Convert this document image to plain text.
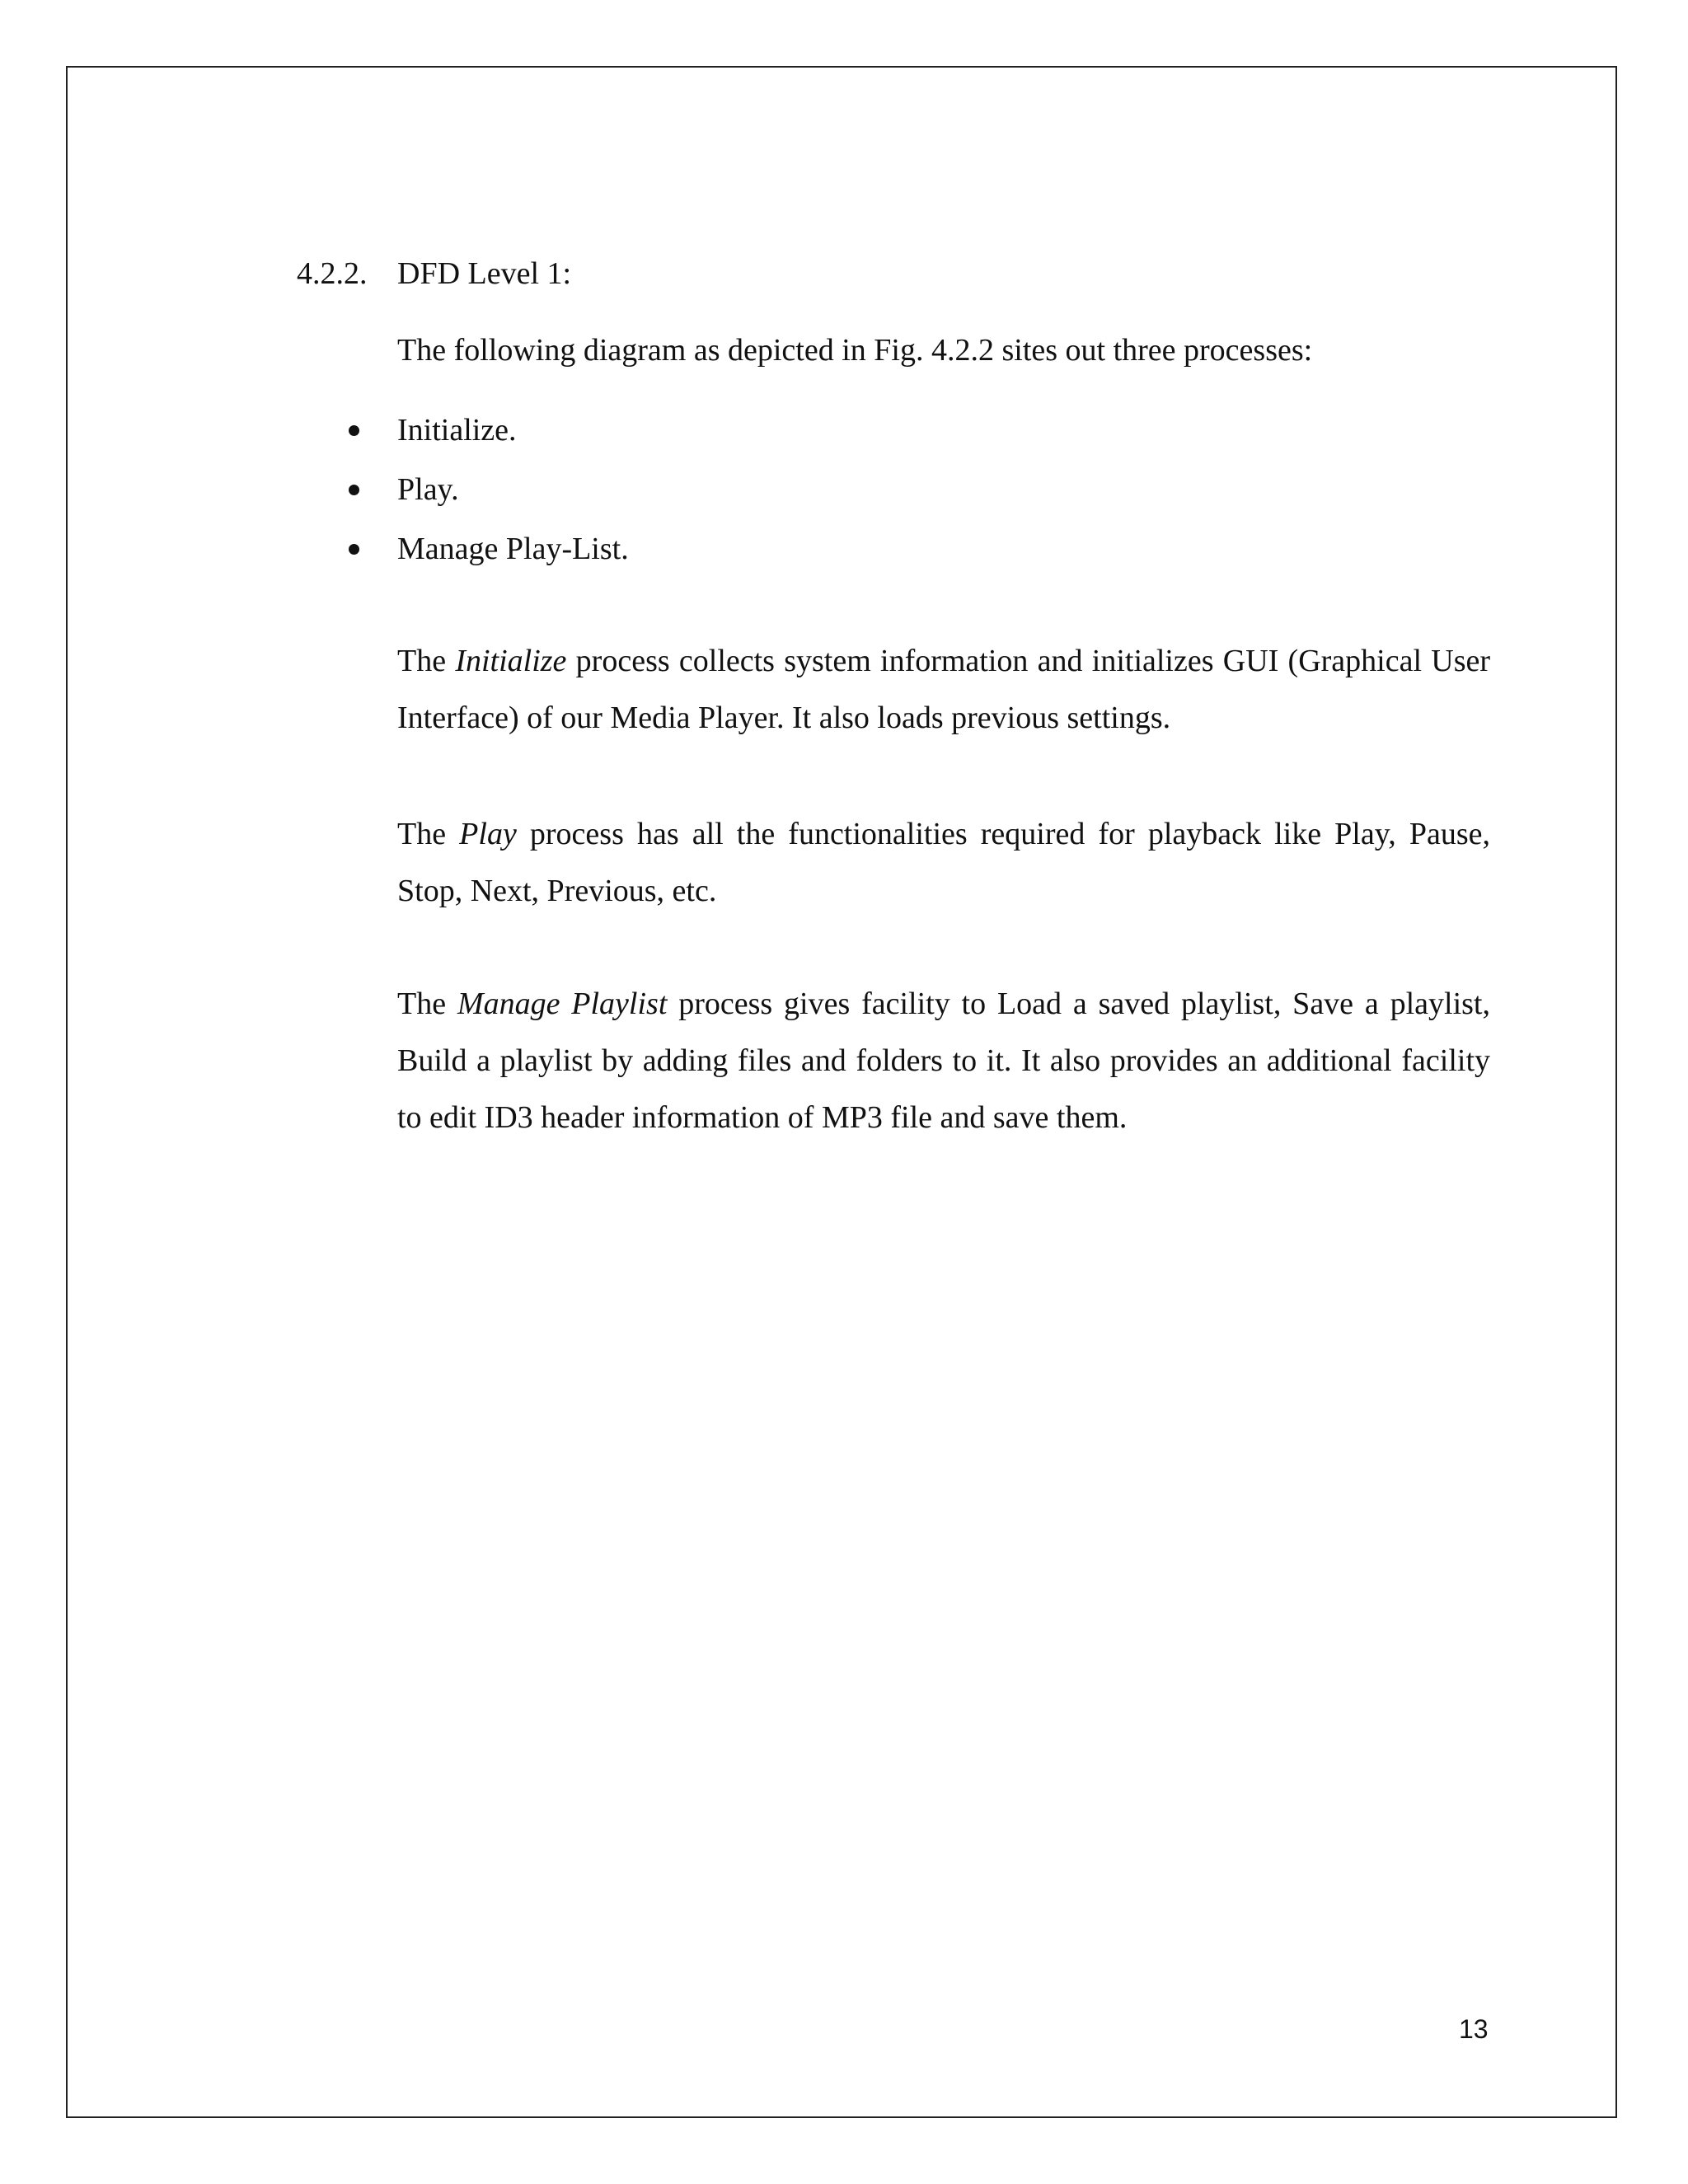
4.2.2. DFD Level 1:
The following diagram as depicted in Fig. 4.2.2 sites out three processes:
Initialize.
Play.
Manage Play-List.
The Initialize process collects system information and initializes GUI (Graphical User Interface) of our Media Player. It also loads previous settings.
The Play process has all the functionalities required for playback like Play, Pause, Stop, Next, Previous, etc.
The Manage Playlist process gives facility to Load a saved playlist, Save a playlist, Build a playlist by adding files and folders to it. It also provides an additional facility to edit ID3 header information of MP3 file and save them.
13
